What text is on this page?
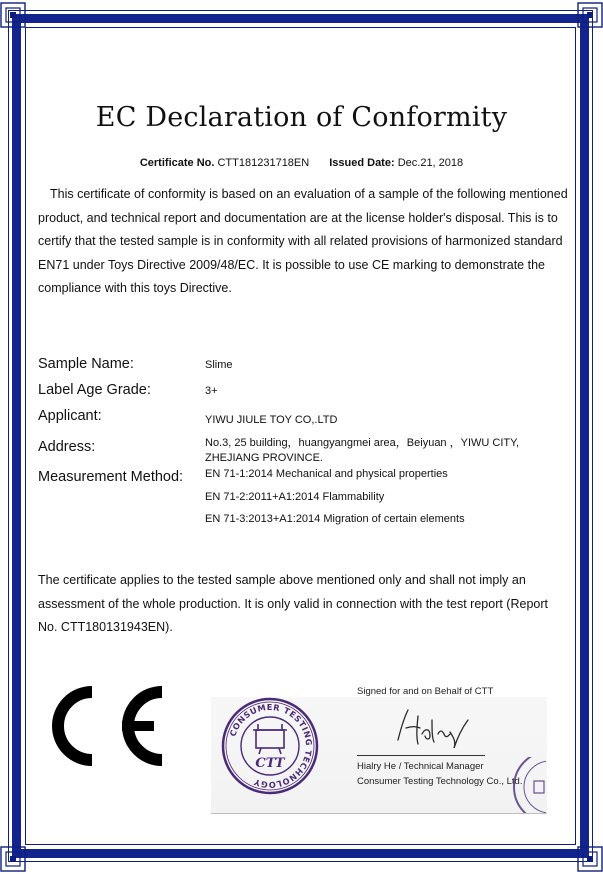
EC Declaration of Conformity
Certificate No. CTT181231718EN Issued Date: Dec.21, 2018
This certificate of conformity is based on an evaluation of a sample of the following mentioned product, and technical report and documentation are at the license holder's disposal. This is to certify that the tested sample is in conformity with all related provisions of harmonized standard EN71 under Toys Directive 2009/48/EC. It is possible to use CE marking to demonstrate the compliance with this toys Directive.
Sample Name:	Slime
Label Age Grade:	3+
Applicant:	YIWU JIULE TOY CO,.LTD
Address:	No.3, 25 building，huangyangmei area，Beiyuan ，YIWU CITY,
ZHEJIANG PROVINCE.
Measurement Method: EN 71-1:2014 Mechanical and physical properties
EN 71-2:2011+A1:2014 Flammability
EN 71-3:2013+A1:2014 Migration of certain elements
The certificate applies to the tested sample above mentioned only and shall not imply an assessment of the whole production. It is only valid in connection with the test report (Report No. CTT180131943EN).
Signed for and on Behalf of CTT
Hialry He / Technical Manager
Consumer Testing Technology Co., Ltd.
CONSUMER TESTING TECHNOLOGY
CTT
